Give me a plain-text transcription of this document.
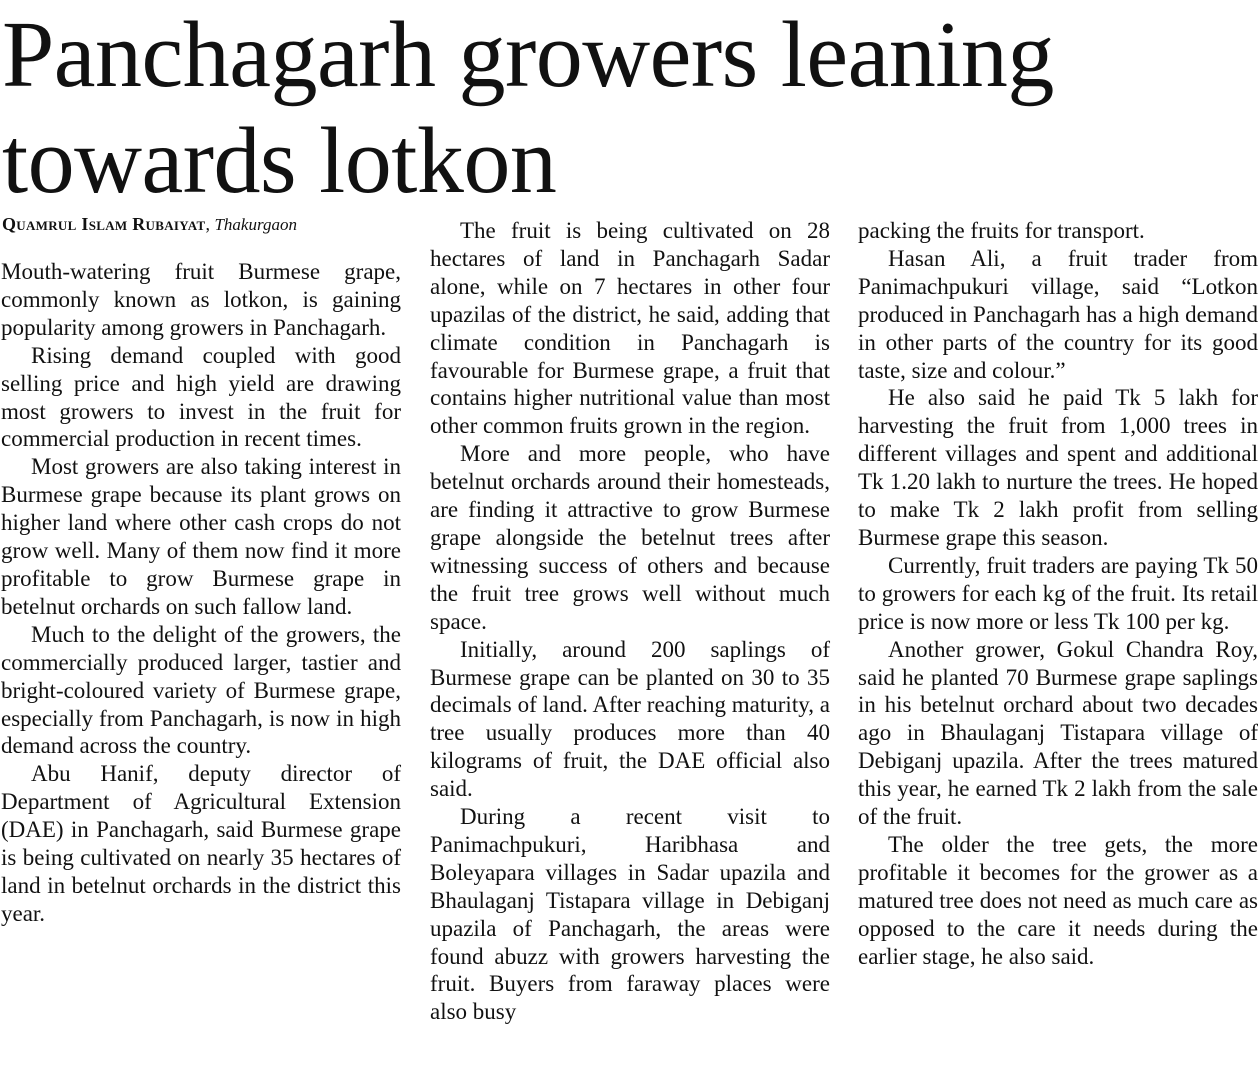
Panchagarh growers leaning towards lotkon
Quamrul Islam Rubaiyat, Thakurgaon

Mouth-watering fruit Burmese grape, commonly known as lotkon, is gaining popularity among growers in Panchagarh.

Rising demand coupled with good selling price and high yield are drawing most growers to invest in the fruit for commercial production in recent times.

Most growers are also taking interest in Burmese grape because its plant grows on higher land where other cash crops do not grow well. Many of them now find it more profitable to grow Burmese grape in betelnut orchards on such fallow land.

Much to the delight of the growers, the commercially produced larger, tastier and bright-coloured variety of Burmese grape, especially from Panchagarh, is now in high demand across the country.

Abu Hanif, deputy director of Department of Agricultural Extension (DAE) in Panchagarh, said Burmese grape is being cultivated on nearly 35 hectares of land in betelnut orchards in the district this year.

The fruit is being cultivated on 28 hectares of land in Panchagarh Sadar alone, while on 7 hectares in other four upazilas of the district, he said, adding that climate condition in Panchagarh is favourable for Burmese grape, a fruit that contains higher nutritional value than most other common fruits grown in the region.

More and more people, who have betelnut orchards around their homesteads, are finding it attractive to grow Burmese grape alongside the betelnut trees after witnessing success of others and because the fruit tree grows well without much space.

Initially, around 200 saplings of Burmese grape can be planted on 30 to 35 decimals of land. After reaching maturity, a tree usually produces more than 40 kilograms of fruit, the DAE official also said.

During a recent visit to Panimachpukuri, Haribhasa and Boleyapara villages in Sadar upazila and Bhaulaganj Tistapara village in Debiganj upazila of Panchagarh, the areas were found abuzz with growers harvesting the fruit. Buyers from faraway places were also busy

packing the fruits for transport.

Hasan Ali, a fruit trader from Panimachpukuri village, said “Lotkon produced in Panchagarh has a high demand in other parts of the country for its good taste, size and colour.”

He also said he paid Tk 5 lakh for harvesting the fruit from 1,000 trees in different villages and spent and additional Tk 1.20 lakh to nurture the trees. He hoped to make Tk 2 lakh profit from selling Burmese grape this season.

Currently, fruit traders are paying Tk 50 to growers for each kg of the fruit. Its retail price is now more or less Tk 100 per kg.

Another grower, Gokul Chandra Roy, said he planted 70 Burmese grape saplings in his betelnut orchard about two decades ago in Bhaulaganj Tistapara village of Debiganj upazila. After the trees matured this year, he earned Tk 2 lakh from the sale of the fruit.

The older the tree gets, the more profitable it becomes for the grower as a matured tree does not need as much care as opposed to the care it needs during the earlier stage, he also said.
